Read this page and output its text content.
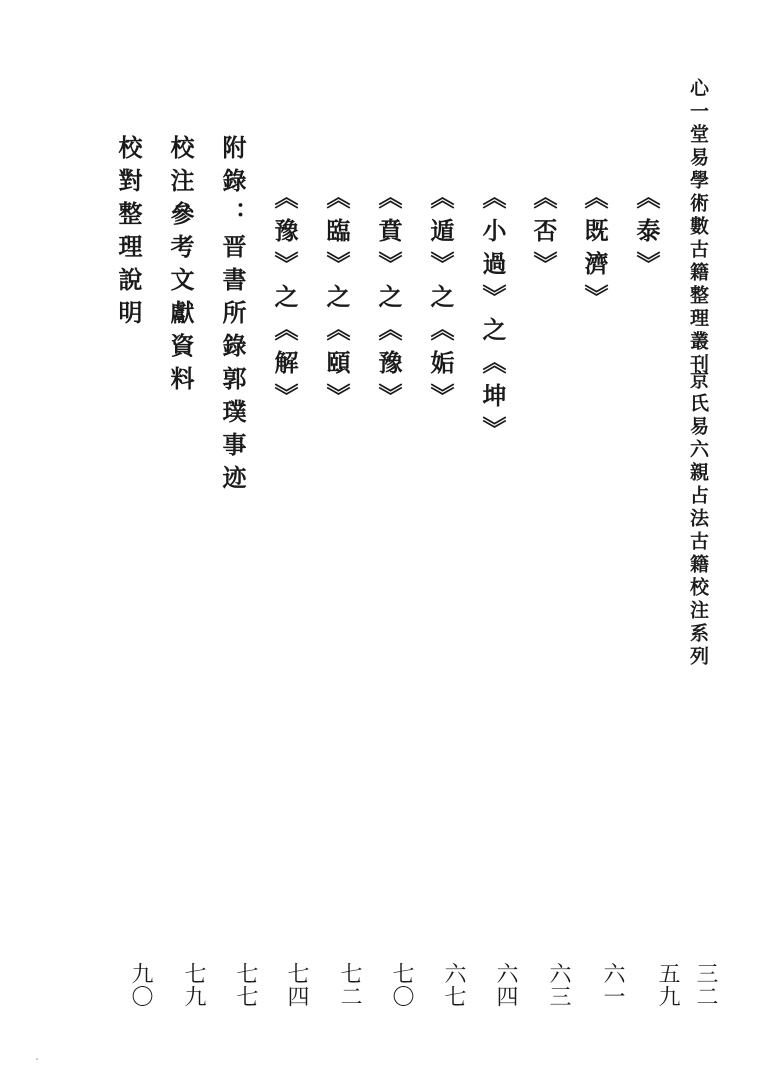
心一堂易學術數古籍整理叢刊
京氏易六親占法古籍校注系列
《泰》
《既濟》
《否》
《小過》之《坤》
《遁》之《姤》
《賁》之《豫》
《臨》之《頤》
《豫》之《解》
附錄：晋書所錄郭璞事迹
校注參考文獻資料
校對整理說明
三二
五九
六一
六三
六四
六七
七〇
七二
七四
七七
七九
九〇
